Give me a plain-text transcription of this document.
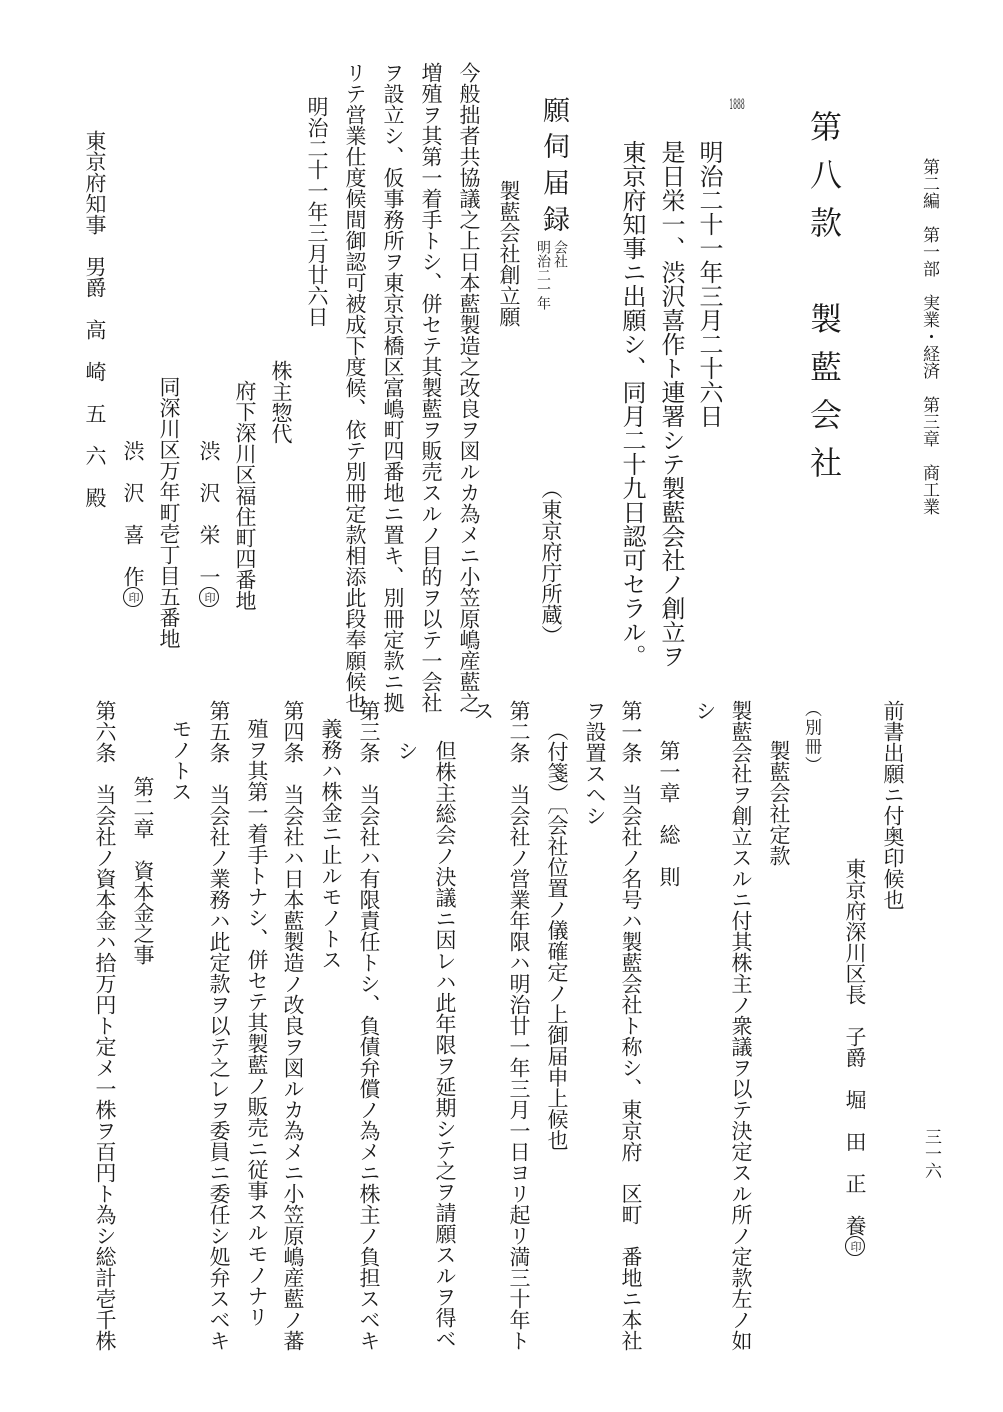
第二編　第一部　実業・経済　第三章　商工業

三一六

第八款　製藍会社

1888

明治二十一年三月二十六日

是日栄一、渋沢喜作ト連署シテ製藍会社ノ創立ヲ

東京府知事ニ出願シ、同月二十九日認可セラル。

願伺届録

会社

明治二一年

（東京府庁所蔵）

製藍会社創立願

今般拙者共協議之上日本藍製造之改良ヲ図ルカ為メニ小笠原嶋産藍之

増殖ヲ其第一着手トシ、併セテ其製藍ヲ販売スルノ目的ヲ以テ一会社

ヲ設立シ、仮事務所ヲ東京京橋区富嶋町四番地ニ置キ、別冊定款ニ拠

リテ営業仕度候間御認可被成下度候、依テ別冊定款相添此段奉願候也

明治二十一年三月廿六日

株主惣代

府下深川区福住町四番地

渋　沢　栄　一印

同深川区万年町壱丁目五番地

渋　沢　喜　作印

東京府知事　男爵　高　崎　五　六　殿

前書出願ニ付奥印候也

東京府深川区長　子爵　堀　田　正　養印

（別冊）

製藍会社定款

製藍会社ヲ創立スルニ付其株主ノ衆議ヲ以テ決定スル所ノ定款左ノ如

シ

第一章　総　則

第一条　当会社ノ名号ハ製藍会社ト称シ、東京府　区町　番地ニ本社

ヲ設置スヘシ

（付箋）〔会社位置ノ儀確定ノ上御届申上候也

第二条　当会社ノ営業年限ハ明治廿一年三月一日ヨリ起リ満三十年ト

ス

但株主総会ノ決議ニ因レハ此年限ヲ延期シテ之ヲ請願スルヲ得ベ

シ

第三条　当会社ハ有限責任トシ、負債弁償ノ為メニ株主ノ負担スベキ

義務ハ株金ニ止ルモノトス

第四条　当会社ハ日本藍製造ノ改良ヲ図ルカ為メニ小笠原嶋産藍ノ蕃

殖ヲ其第一着手トナシ、併セテ其製藍ノ販売ニ従事スルモノナリ

第五条　当会社ノ業務ハ此定款ヲ以テ之レヲ委員ニ委任シ処弁スベキ

モノトス

第二章　資本金之事

第六条　当会社ノ資本金ハ拾万円ト定メ一株ヲ百円ト為シ総計壱千株
